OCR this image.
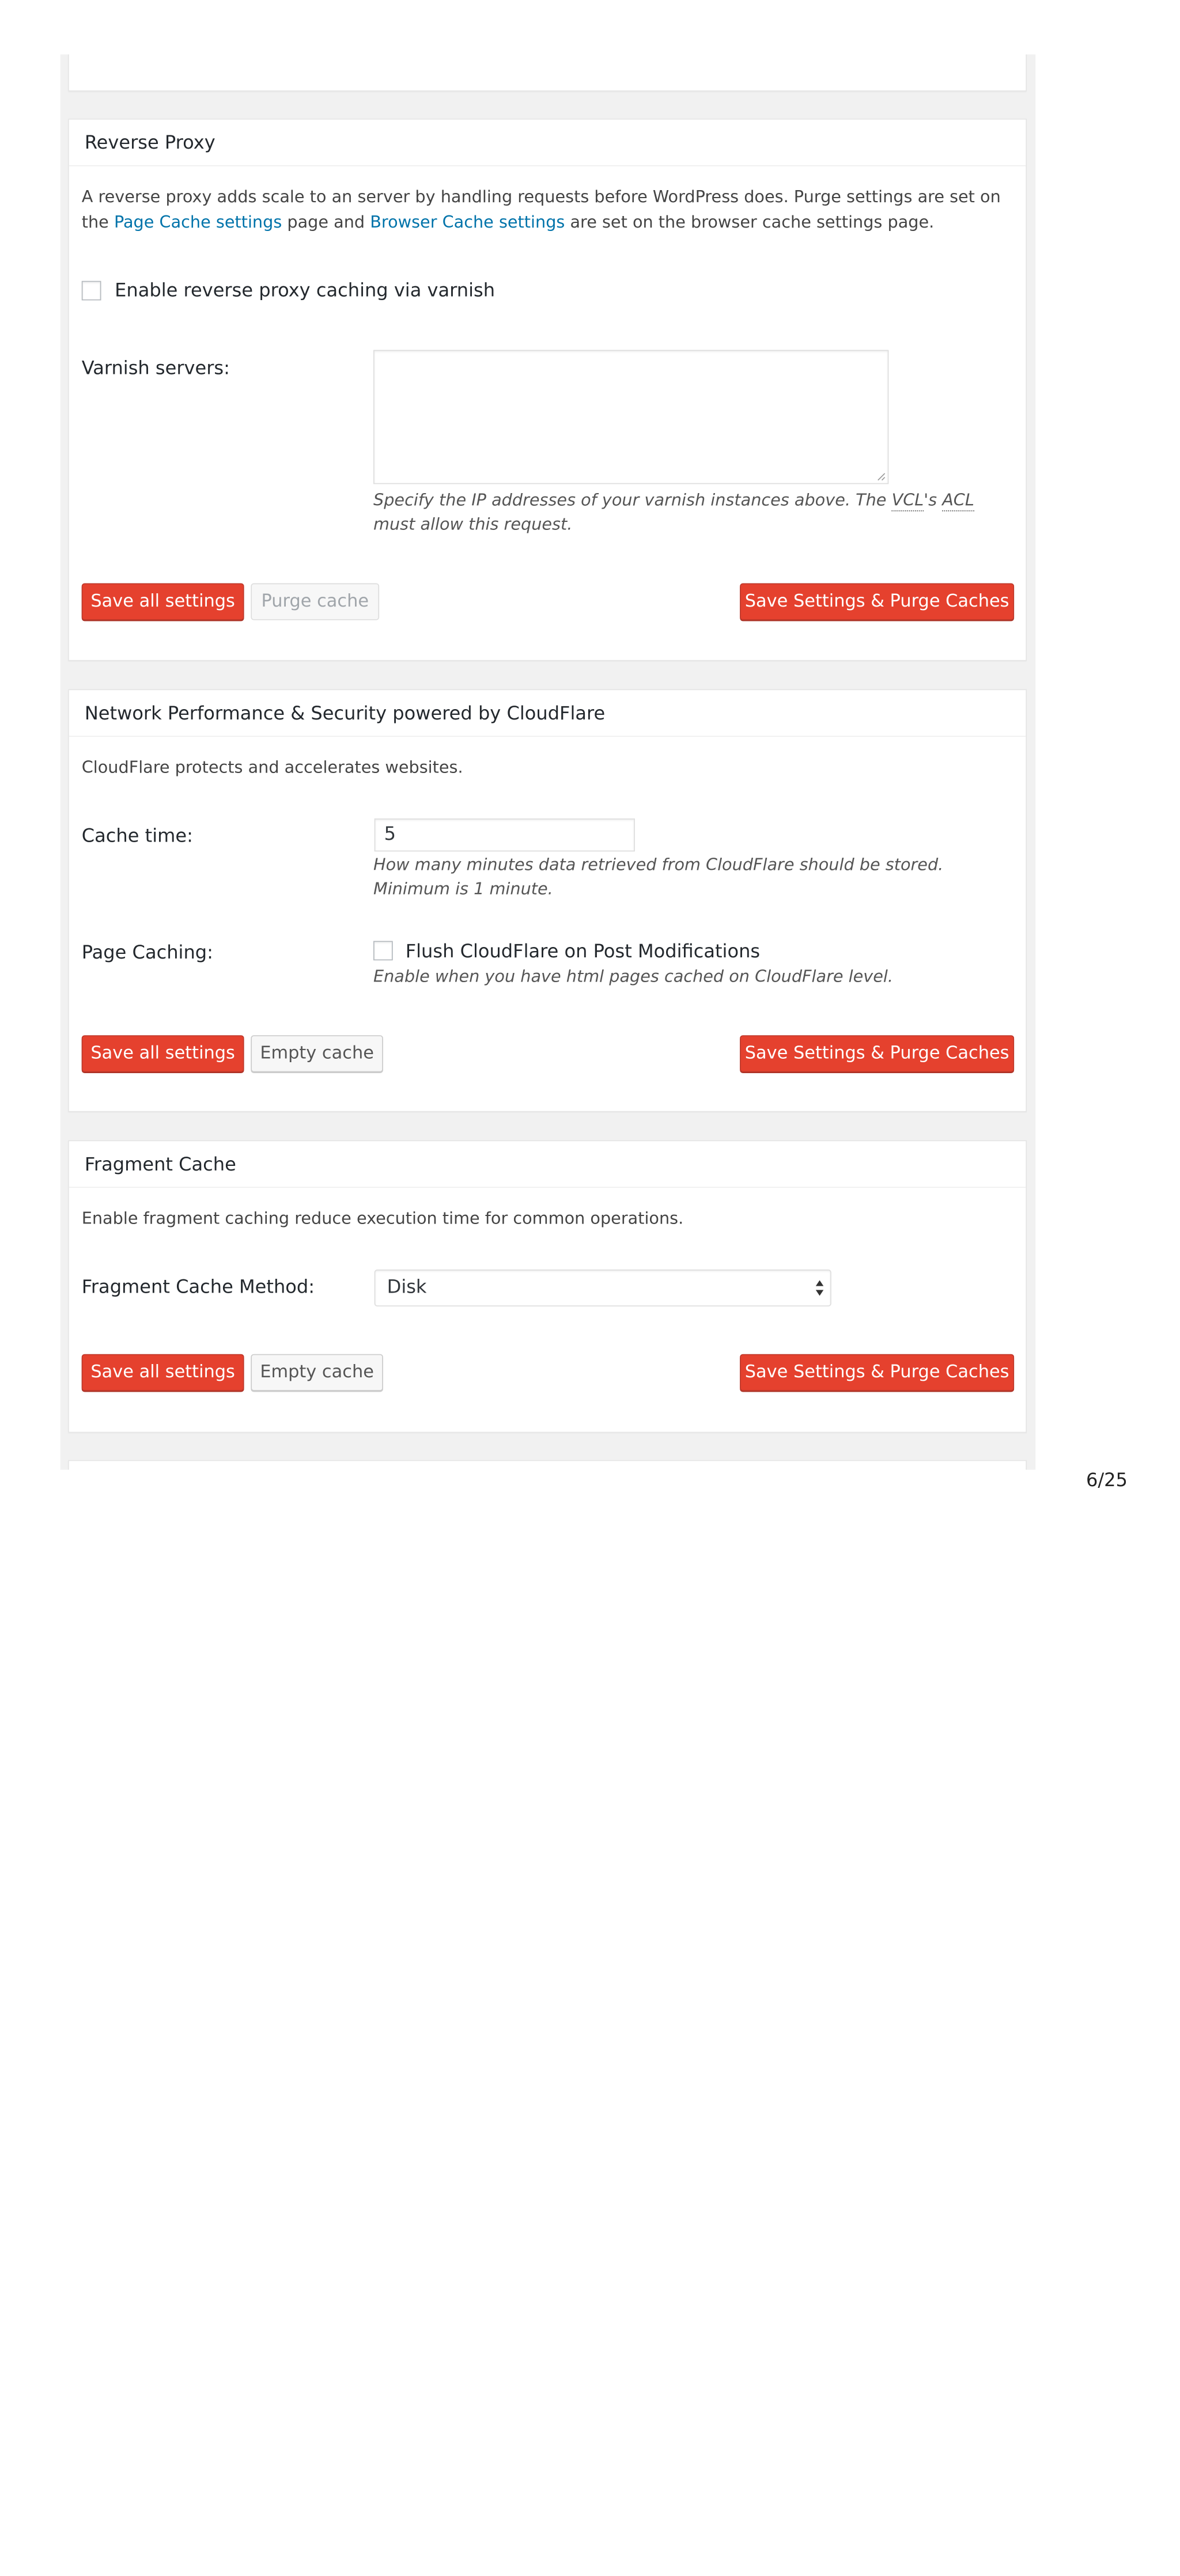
Reverse Proxy
A reverse proxy adds scale to an server by handling requests before WordPress does. Purge settings are set on
the Page Cache settings page and Browser Cache settings are set on the browser cache settings page.
Enable reverse proxy caching via varnish
Varnish servers:
Specify the IP addresses of your varnish instances above. The VCL's ACL
must allow this request.
Save all settings	Purge cache	Save Settings & Purge Caches
Network Performance & Security powered by CloudFlare
CloudFlare protects and accelerates websites.
Cache time:	5
How many minutes data retrieved from CloudFlare should be stored.
Minimum is 1 minute.
Page Caching:	Flush CloudFlare on Post Modifications
Enable when you have html pages cached on CloudFlare level.
Save all settings	Empty cache	Save Settings & Purge Caches
Fragment Cache
Enable fragment caching reduce execution time for common operations.
Fragment Cache Method:	Disk
Save all settings	Empty cache	Save Settings & Purge Caches
6/25
